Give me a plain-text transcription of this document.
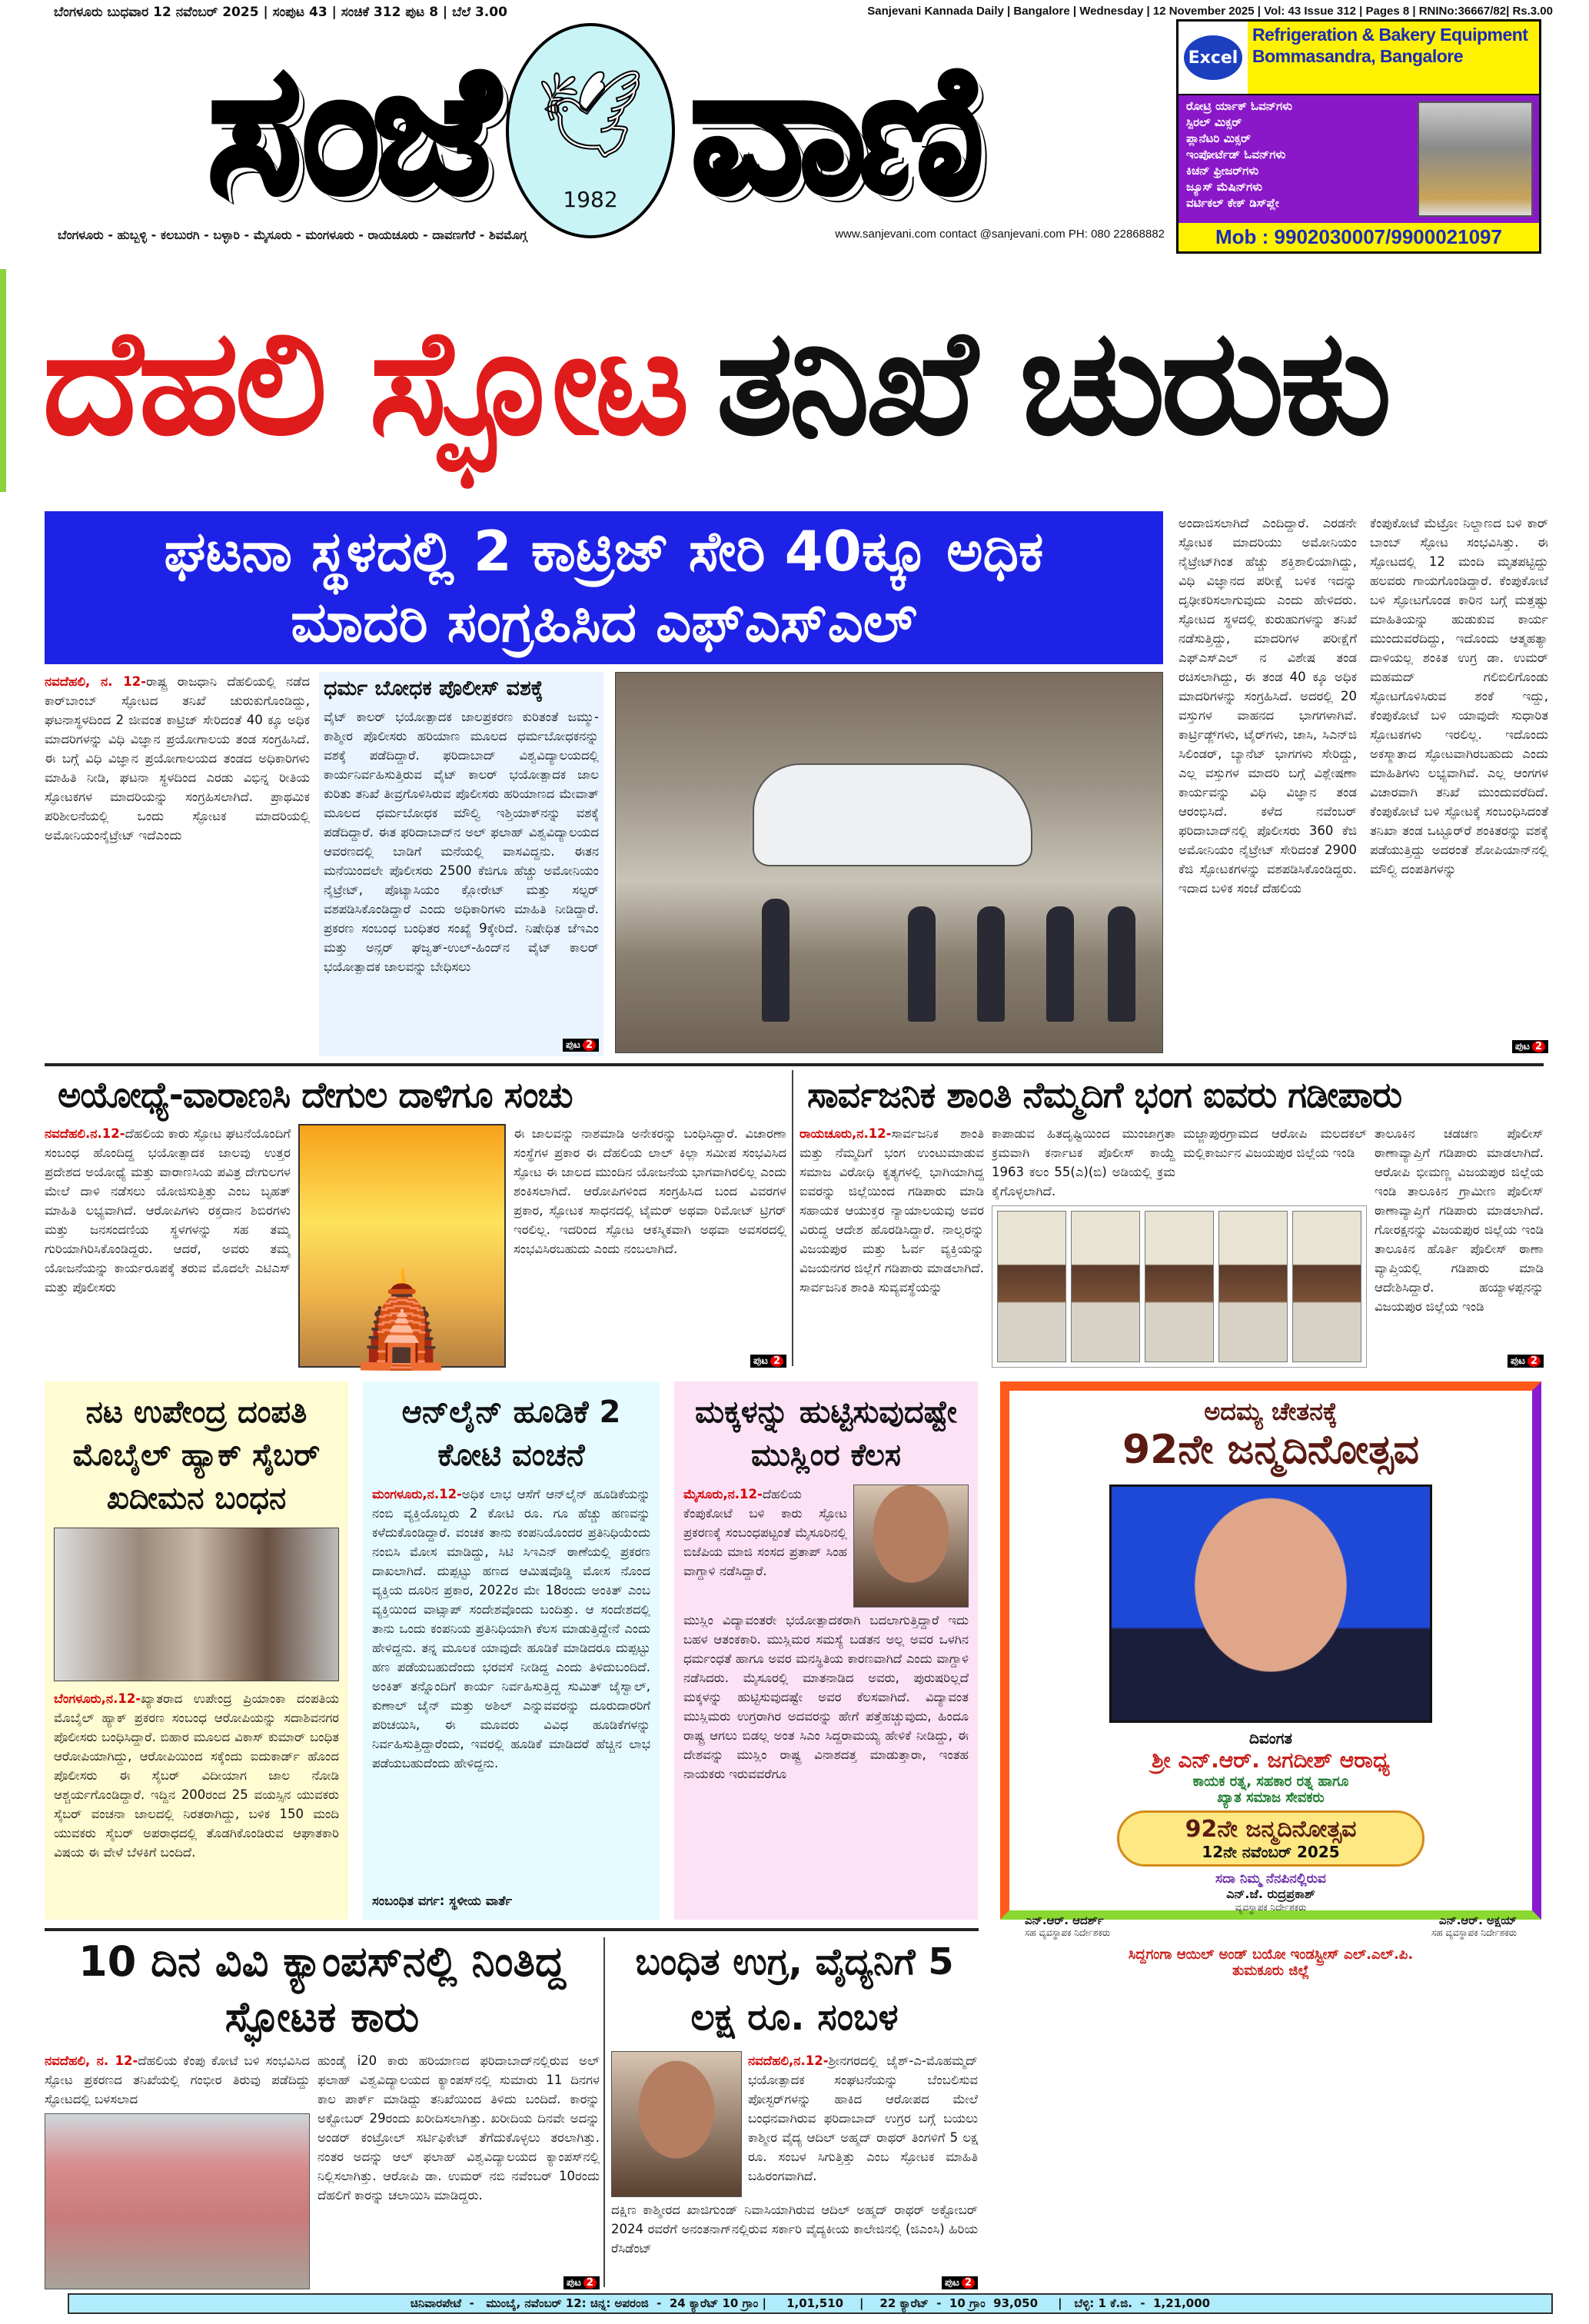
ಬೆಂಗಳೂರು ಬುಧವಾರ 12 ನವೆಂಬರ್ 2025 | ಸಂಪುಟ 43 | ಸಂಚಿಕೆ 312 ಪುಟ 8 | ಬೆಲೆ 3.00	Sanjevani Kannada Daily | Bangalore | Wednesday | 12 November 2025 | Vol: 43 Issue 312 | Pages 8 | RNINo:36667/82| Rs.3.00
ಸಂಜೆ 🕊
1982 ವಾಣಿ
ಬೆಂಗಳೂರು - ಹುಬ್ಬಳ್ಳಿ - ಕಲಬುರಗಿ - ಬಳ್ಳಾರಿ - ಮೈಸೂರು - ಮಂಗಳೂರು - ರಾಯಚೂರು - ದಾವಣಗೆರೆ - ಶಿವಮೊಗ್ಗ	www.sanjevani.com contact @sanjevani.com PH: 080 22868882
Excel
Refrigeration & Bakery Equipment Bommasandra, Bangalore
ರೋಟ್ರಿ ರ್ಯಾಕ್ ಓವನ್‌ಗಳು
ಸ್ಪಿರಲ್ ಮಿಕ್ಸರ್
ಪ್ಲಾನೆಟರಿ ಮಿಕ್ಸರ್
ಇಂಪೋರ್ಟೆಡ್ ಓವನ್‌ಗಳು
ಕಿಚನ್ ಫ್ರೀಜರ್‌ಗಳು
ಜ್ಯೂಸ್ ಮೆಷಿನ್‌ಗಳು
ವರ್ಟಿಕಲ್ ಕೇಕ್ ಡಿಸ್‌ಪ್ಲೇ
Mob : 9902030007/9900021097
ದೆಹಲಿ ಸ್ಫೋಟ ತನಿಖೆ ಚುರುಕು
ಘಟನಾ ಸ್ಥಳದಲ್ಲಿ 2 ಕಾಟ್ರಿಜ್ ಸೇರಿ 40ಕ್ಕೂ ಅಧಿಕ
ಮಾದರಿ ಸಂಗ್ರಹಿಸಿದ ಎಫ್‌ಎಸ್‌ಎಲ್
ನವದೆಹಲಿ, ನ. 12-ರಾಷ್ಟ್ರ ರಾಜಧಾನಿ ದೆಹಲಿಯಲ್ಲಿ ನಡೆದ ಕಾರ್‌ಬಾಂಬ್ ಸ್ಫೋಟದ ತನಿಖೆ ಚುರುಕುಗೊಂಡಿದ್ದು, ಘಟನಾಸ್ಥಳದಿಂದ 2 ಜೀವಂತ ಕಾಟ್ರಿಜ್ ಸೇರಿದಂತೆ 40 ಕ್ಕೂ ಅಧಿಕ ಮಾದರಿಗಳನ್ನು ವಿಧಿ ವಿಜ್ಞಾನ ಪ್ರಯೋಗಾಲಯ ತಂಡ ಸಂಗ್ರಹಿಸಿದೆ. ಈ ಬಗ್ಗೆ ವಿಧಿ ವಿಜ್ಞಾನ ಪ್ರಯೋಗಾಲಯದ ತಂಡದ ಅಧಿಕಾರಿಗಳು ಮಾಹಿತಿ ನೀಡಿ, ಘಟನಾ ಸ್ಥಳದಿಂದ ಎರಡು ವಿಭಿನ್ನ ರೀತಿಯ ಸ್ಫೋಟಕಗಳ ಮಾದರಿಯನ್ನು ಸಂಗ್ರಹಿಸಲಾಗಿದೆ. ಪ್ರಾಥಮಿಕ ಪರಿಶೀಲನೆಯಲ್ಲಿ ಒಂದು ಸ್ಫೋಟಕ ಮಾದರಿಯಲ್ಲಿ ಅಮೋನಿಯಂನೈಟ್ರೇಟ್ ಇದೆಎಂದು
ಧರ್ಮ ಬೋಧಕ ಪೊಲೀಸ್ ವಶಕ್ಕೆ
ವೈಟ್ ಕಾಲರ್ ಭಯೋತ್ಪಾದಕ ಜಾಲಪ್ರಕರಣ ಕುರಿತಂತೆ ಜಮ್ಮು-ಕಾಶ್ಮೀರ ಪೊಲೀಸರು ಹರಿಯಾಣ ಮೂಲದ ಧರ್ಮಬೋಧಕನನ್ನು ವಶಕ್ಕೆ ಪಡೆದಿದ್ದಾರೆ. ಫರಿದಾಬಾದ್ ವಿಶ್ವವಿದ್ಯಾಲಯದಲ್ಲಿ ಕಾರ್ಯನಿರ್ವಹಿಸುತ್ತಿರುವ ವೈಟ್ ಕಾಲರ್ ಭಯೋತ್ಪಾದಕ ಜಾಲ ಕುರಿತು ತನಿಖೆ ತೀವ್ರಗೊಳಿಸಿರುವ ಪೊಲೀಸರು ಹರಿಯಾಣದ ಮೇವಾತ್ ಮೂಲದ ಧರ್ಮಬೋಧಕ ಮೌಲ್ವಿ ಇಶ್ತಿಯಾಕ್‌ನನ್ನು ವಶಕ್ಕೆ ಪಡೆದಿದ್ದಾರೆ. ಈತ ಫರಿದಾಬಾದ್‌ನ ಅಲ್ ಫಲಾಹ್ ವಿಶ್ವವಿದ್ಯಾಲಯದ ಆವರಣದಲ್ಲಿ ಬಾಡಿಗೆ ಮನೆಯಲ್ಲಿ ವಾಸವಿದ್ದನು. ಈತನ ಮನೆಯಿಂದಲೇ ಪೊಲೀಸರು 2500 ಕೆಜಿಗೂ ಹೆಚ್ಚು ಅಮೋನಿಯಂ ನೈಟ್ರೇಟ್, ಪೊಟ್ಯಾಸಿಯಂ ಕ್ಲೋರೇಟ್ ಮತ್ತು ಸಲ್ಫರ್ ವಶಪಡಿಸಿಕೊಂಡಿದ್ದಾರೆ ಎಂದು ಅಧಿಕಾರಿಗಳು ಮಾಹಿತಿ ನೀಡಿದ್ದಾರೆ. ಪ್ರಕರಣ ಸಂಬಂಧ ಬಂಧಿತರ ಸಂಖ್ಯೆ 9ಕ್ಕೇರಿದೆ. ನಿಷೇಧಿತ ಜೆಇಎಂ ಮತ್ತು ಅನ್ಸರ್ ಘಜ್ವತ್-ಉಲ್-ಹಿಂದ್‌ನ ವೈಟ್ ಕಾಲರ್ ಭಯೋತ್ಪಾದಕ ಜಾಲವನ್ನು ಬೇಧಿಸಲು
ಪುಟ 2
ಅಂದಾಜಿಸಲಾಗಿದೆ ಎಂದಿದ್ದಾರೆ. ಎರಡನೇ ಸ್ಫೋಟಕ ಮಾದರಿಯು ಅಮೋನಿಯಂ ನೈಟ್ರೇಟ್‌ಗಿಂತ ಹೆಚ್ಚು ಶಕ್ತಿಶಾಲಿಯಾಗಿದ್ದು, ವಿಧಿ ವಿಜ್ಞಾನದ ಪರೀಕ್ಷೆ ಬಳಿಕ ಇದನ್ನು ದೃಢೀಕರಿಸಲಾಗುವುದು ಎಂದು ಹೇಳಿದರು. ಸ್ಫೋಟದ ಸ್ಥಳದಲ್ಲಿ ಕುರುಹುಗಳನ್ನು ತನಿಖೆ ನಡೆಸುತ್ತಿದ್ದು, ಮಾದರಿಗಳ ಪರೀಕ್ಷೆಗೆ ಎಫ್‌ಎಸ್‌ಎಲ್ ನ ವಿಶೇಷ ತಂಡ ರಚಿಸಲಾಗಿದ್ದು, ಈ ತಂಡ 40 ಕ್ಕೂ ಅಧಿಕ ಮಾದರಿಗಳನ್ನು ಸಂಗ್ರಹಿಸಿದೆ. ಅದರಲ್ಲಿ 20 ವಸ್ತುಗಳ ವಾಹನದ ಭಾಗಗಳಾಗಿವೆ. ಕಾರ್ಟ್ರಿಡ್ಜ್‌ಗಳು, ಟೈರ್‌ಗಳು, ಚಾಸಿ, ಸಿಎನ್‌ಜಿ ಸಿಲಿಂಡರ್, ಬ್ಯಾನೆಟ್ ಭಾಗಗಳು ಸೇರಿದ್ದು, ಎಲ್ಲ ವಸ್ತುಗಳ ಮಾದರಿ ಬಗ್ಗೆ ವಿಶ್ಲೇಷಣಾ ಕಾರ್ಯವನ್ನು ವಿಧಿ ವಿಜ್ಞಾನ ತಂಡ ಆರಂಭಿಸಿದೆ. ಕಳೆದ ನವೆಂಬರ್ ಫರಿದಾಬಾದ್‌ನಲ್ಲಿ ಪೊಲೀಸರು 360 ಕೆಜಿ ಅಮೋನಿಯಂ ನೈಟ್ರೇಟ್ ಸೇರಿದಂತೆ 2900 ಕೆಜಿ ಸ್ಫೋಟಕಗಳನ್ನು ವಶಪಡಿಸಿಕೊಂಡಿದ್ದರು. ಇದಾದ ಬಳಿಕ ಸಂಜೆ ದೆಹಲಿಯ
ಕೆಂಪುಕೋಟೆ ಮೆಟ್ರೋ ನಿಲ್ದಾಣದ ಬಳಿ ಕಾರ್ ಬಾಂಬ್ ಸ್ಫೋಟ ಸಂಭವಿಸಿತ್ತು. ಈ ಸ್ಫೋಟದಲ್ಲಿ 12 ಮಂದಿ ಮೃತಪಟ್ಟಿದ್ದು ಹಲವರು ಗಾಯಗೊಂಡಿದ್ದಾರೆ. ಕೆಂಪುಕೋಟೆ ಬಳಿ ಸ್ಫೋಟಗೊಂಡ ಕಾರಿನ ಬಗ್ಗೆ ಮತ್ತಷ್ಟು ಮಾಹಿತಿಯನ್ನು ಹುಡುಕುವ ಕಾರ್ಯ ಮುಂದುವರೆದಿದ್ದು, ಇದೊಂದು ಆತ್ಮಹತ್ಯಾ ದಾಳಿಯಲ್ಲ ಶಂಕಿತ ಉಗ್ರ ಡಾ. ಉಮರ್ ಮಹಮದ್ ಗಲಿಬಿಲಿಗೊಂಡು ಸ್ಫೋಟಗೊಳಿಸಿರುವ ಶಂಕೆ ಇದ್ದು, ಕೆಂಪುಕೋಟೆ ಬಳಿ ಯಾವುದೇ ಸುಧಾರಿತ ಸ್ಫೋಟಕಗಳು ಇರಲಿಲ್ಲ. ಇದೊಂದು ಅಕಸ್ಮಾತಾದ ಸ್ಫೋಟವಾಗಿರಬಹುದು ಎಂದು ಮಾಹಿತಿಗಳು ಲಭ್ಯವಾಗಿವೆ. ಎಲ್ಲ ಆಂಗಗಳ ವಿಚಾರವಾಗಿ ತನಿಖೆ ಮುಂದುವರೆದಿದೆ. ಕೆಂಪುಕೋಟೆ ಬಳಿ ಸ್ಫೋಟಕ್ಕೆ ಸಂಬಂಧಿಸಿದಂತೆ ತನಿಖಾ ತಂಡ ಒಟ್ಟೂರ್‌ರೆ ಶಂಕಿತರನ್ನು ವಶಕ್ಕೆ ಪಡೆಯುತ್ತಿದ್ದು ಅದರಂತೆ ಶೋಪಿಯಾನ್‌ನಲ್ಲಿ ಮೌಲ್ವಿ ದಂಪತಿಗಳನ್ನು
ಪುಟ 2
ಅಯೋಧ್ಯೆ-ವಾರಾಣಸಿ ದೇಗುಲ ದಾಳಿಗೂ ಸಂಚು
ನವದೆಹಲಿ.ನ.12-ದೆಹಲಿಯ ಕಾರು ಸ್ಫೋಟ ಘಟನೆಯೊಂದಿಗೆ ಸಂಬಂಧ ಹೊಂದಿದ್ದ ಭಯೋತ್ಪಾದಕ ಜಾಲವು ಉತ್ತರ ಪ್ರದೇಶದ ಅಯೋಧ್ಯೆ ಮತ್ತು ವಾರಾಣಸಿಯ ಪವಿತ್ರ ದೇಗುಲಗಳ ಮೇಲೆ ದಾಳಿ ನಡೆಸಲು ಯೋಜಿಸುತ್ತಿತ್ತು ಎಂಬ ಬೃಹತ್ ಮಾಹಿತಿ ಲಭ್ಯವಾಗಿದೆ. ಆರೋಪಿಗಳು ರಕ್ತದಾನ ಶಿಬಿರಗಳು ಮತ್ತು ಜನಸಂದಣಿಯ ಸ್ಥಳಗಳನ್ನು ಸಹ ತಮ್ಮ ಗುರಿಯಾಗಿರಿಸಿಕೊಂಡಿದ್ದರು. ಆದರೆ, ಅವರು ತಮ್ಮ ಯೋಜನೆಯನ್ನು ಕಾರ್ಯರೂಪಕ್ಕೆ ತರುವ ಮೊದಲೇ ಎಟಿಎಸ್ ಮತ್ತು ಪೊಲೀಸರು	🛕
ಈ ಜಾಲವನ್ನು ನಾಶಮಾಡಿ ಅನೇಕರನ್ನು ಬಂಧಿಸಿದ್ದಾರೆ. ವಿಚಾರಣಾ ಸಂಸ್ಥೆಗಳ ಪ್ರಕಾರ ಈ ದೆಹಲಿಯ ಲಾಲ್ ಕಿಲ್ಲಾ ಸಮೀಪ ಸಂಭವಿಸಿದ ಸ್ಫೋಟ ಈ ಜಾಲದ ಮುಂದಿನ ಯೋಜನೆಯ ಭಾಗವಾಗಿರಲಿಲ್ಲ ಎಂದು ಶಂಕಿಸಲಾಗಿದೆ. ಆರೋಪಿಗಳಿಂದ ಸಂಗ್ರಹಿಸಿದ ಬಂದ ವಿವರಗಳ ಪ್ರಕಾರ, ಸ್ಫೋಟಕ ಸಾಧನದಲ್ಲಿ ಟೈಮರ್ ಅಥವಾ ರಿಮೋಟ್ ಟ್ರಿಗರ್ ಇರಲಿಲ್ಲ. ಇದರಿಂದ ಸ್ಫೋಟ ಆಕಸ್ಮಿಕವಾಗಿ ಅಥವಾ ಅವಸರದಲ್ಲಿ ಸಂಭವಿಸಿರಬಹುದು ಎಂದು ನಂಬಲಾಗಿದೆ.
ಪುಟ 2
ಸಾರ್ವಜನಿಕ ಶಾಂತಿ ನೆಮ್ಮದಿಗೆ ಭಂಗ ಐವರು ಗಡೀಪಾರು
ರಾಯಚೂರು,ನ.12-ಸಾರ್ವಜನಿಕ ಶಾಂತಿ ಮತ್ತು ನೆಮ್ಮದಿಗೆ ಭಂಗ ಉಂಟುಮಾಡುವ ಸಮಾಜ ವಿರೋಧಿ ಕೃತ್ಯಗಳಲ್ಲಿ ಭಾಗಿಯಾಗಿದ್ದ ಐವರನ್ನು ಜಿಲ್ಲೆಯಿಂದ ಗಡಿಪಾರು ಮಾಡಿ ಸಹಾಯಕ ಆಯುಕ್ತರ ನ್ಯಾಯಾಲಯವು ಅವರ ವಿರುದ್ಧ ಆದೇಶ ಹೊರಡಿಸಿದ್ದಾರೆ. ನಾಲ್ವರನ್ನು ವಿಜಯಪುರ ಮತ್ತು ಓರ್ವ ವ್ಯಕ್ತಿಯನ್ನು ವಿಜಯನಗರ ಜಿಲ್ಲೆಗೆ ಗಡಿಪಾರು ಮಾಡಲಾಗಿದೆ. ಸಾರ್ವಜನಿಕ ಶಾಂತಿ ಸುವ್ಯವಸ್ಥೆಯನ್ನು
ಕಾಪಾಡುವ ಹಿತದೃಷ್ಟಿಯಿಂದ ಮುಂಜಾಗ್ರತಾ ಕ್ರಮವಾಗಿ ಕರ್ನಾಟಕ ಪೊಲೀಸ್ ಕಾಯ್ದೆ 1963 ಕಲಂ 55(ಎ)(ಬಿ) ಅಡಿಯಲ್ಲಿ ಕ್ರಮ ಕೈಗೊಳ್ಳಲಾಗಿದೆ.
ಮಜ್ಜಾಪುರಗ್ರಾಮದ ಆರೋಪಿ ಮಲದಕಲ್ ಮಲ್ಲಿಕಾರ್ಜುನ ವಿಜಯಪುರ ಜಿಲ್ಲೆಯ ಇಂಡಿ
ತಾಲೂಕಿನ ಚಡಚಣ ಪೊಲೀಸ್ ಠಾಣಾವ್ಯಾಪ್ತಿಗೆ ಗಡಿಪಾರು ಮಾಡಲಾಗಿದೆ. ಆರೋಪಿ ಭೀಮಣ್ಣ ವಿಜಯಪುರ ಜಿಲ್ಲೆಯ ಇಂಡಿ ತಾಲೂಕಿನ ಗ್ರಾಮೀಣ ಪೊಲೀಸ್ ಠಾಣಾವ್ಯಾಪ್ತಿಗೆ ಗಡಿಪಾರು ಮಾಡಲಾಗಿದೆ. ಗೋರಕ್ಷನನ್ನು ವಿಜಯಪುರ ಜಿಲ್ಲೆಯ ಇಂಡಿ ತಾಲೂಕಿನ ಹೊರ್ತಿ ಪೊಲೀಸ್ ಠಾಣಾ ವ್ಯಾಪ್ತಿಯಲ್ಲಿ ಗಡಿಪಾರು ಮಾಡಿ ಆದೇಶಿಸಿದ್ದಾರೆ. ಹಯ್ಯಾಳಪ್ಪನನ್ನು ವಿಜಯಪುರ ಜಿಲ್ಲೆಯ ಇಂಡಿ
ಪುಟ 2
ನಟ ಉಪೇಂದ್ರ ದಂಪತಿ ಮೊಬೈಲ್ ಹ್ಯಾಕ್ ಸೈಬರ್ ಖದೀಮನ ಬಂಧನ
ಬೆಂಗಳೂರು,ನ.12-ಖ್ಯಾತರಾದ ಉಪೇಂದ್ರ ಪ್ರಿಯಾಂಕಾ ದಂಪತಿಯ ಮೊಬೈಲ್ ಹ್ಯಾಕ್ ಪ್ರಕರಣ ಸಂಬಂಧ ಆರೋಪಿಯನ್ನು ಸದಾಶಿವನಗರ ಪೊಲೀಸರು ಬಂಧಿಸಿದ್ದಾರೆ. ಬಿಹಾರ ಮೂಲದ ವಿಕಾಸ್ ಕುಮಾರ್ ಬಂಧಿತ ಆರೋಪಿಯಾಗಿದ್ದು, ಆರೋಪಿಯಿಂದ ಸಕ್ಕೆಂದು ಐದುಕಾರ್ಡ್ ಹೊಂದ ಪೊಲೀಸರು ಈ ಸೈಬರ್ ವಿದೀಯಾಗ ಜಾಲ ನೋಡಿ ಆಶ್ಚರ್ಯಗೊಂಡಿದ್ದಾರೆ. ಇದ್ದಿನ 200ರಂದ 25 ವಯಸ್ಸಿನ ಯುವಕರು ಸೈಬರ್ ವಂಚನಾ ಜಾಲದಲ್ಲಿ ನಿರತರಾಗಿದ್ದು, ಬಳಿಕ 150 ಮಂದಿ ಯುವಕರು ಸೈಬರ್ ಅಪರಾಧದಲ್ಲಿ ತೊಡಗಿಕೊಂಡಿರುವ ಆಘಾತಕಾರಿ ವಿಷಯ ಈ ವೇಳೆ ಬೆಳಕಿಗೆ ಬಂದಿದೆ.
ಆನ್‌ಲೈನ್ ಹೂಡಿಕೆ 2 ಕೋಟಿ ವಂಚನೆ
ಮಂಗಳೂರು,ನ.12-ಅಧಿಕ ಲಾಭ ಆಸೆಗೆ ಆನ್‌ಲೈನ್ ಹೂಡಿಕೆಯನ್ನು ನಂಬಿ ವ್ಯಕ್ತಿಯೊಬ್ಬರು 2 ಕೋಟಿ ರೂ. ಗೂ ಹೆಚ್ಚು ಹಣವನ್ನು ಕಳೆದುಕೊಂಡಿದ್ದಾರೆ. ವಂಚಕ ತಾನು ಕಂಪನಿಯೊಂದರ ಪ್ರತಿನಿಧಿಯೆಂದು ನಂಬಿಸಿ ಮೋಸ ಮಾಡಿದ್ದು, ಸಿಟಿ ಸಿಇಎನ್ ಠಾಣೆಯಲ್ಲಿ ಪ್ರಕರಣ ದಾಖಲಾಗಿದೆ. ದುಪ್ಪಟ್ಟು ಹಣದ ಆಮಿಷವೊಡ್ಡಿ ಮೋಸ ನೊಂದ ವ್ಯಕ್ತಿಯ ದೂರಿನ ಪ್ರಕಾರ, 2022ರ ಮೇ 18ರಂದು ಅಂಕಿತ್ ಎಂಬ ವ್ಯಕ್ತಿಯಿಂದ ವಾಟ್ಸಾಪ್ ಸಂದೇಶವೊಂದು ಬಂದಿತ್ತು. ಆ ಸಂದೇಶದಲ್ಲಿ ತಾನು ಒಂದು ಕಂಪನಿಯ ಪ್ರತಿನಿಧಿಯಾಗಿ ಕೆಲಸ ಮಾಡುತ್ತಿದ್ದೇನೆ ಎಂದು ಹೇಳಿದ್ದನು. ತನ್ನ ಮೂಲಕ ಯಾವುದೇ ಹೂಡಿಕೆ ಮಾಡಿದರೂ ದುಪ್ಪಟ್ಟು ಹಣ ಪಡೆಯಬಹುದೆಂದು ಭರವಸೆ ನೀಡಿದ್ದ ಎಂದು ತಿಳಿದುಬಂದಿದೆ. ಅಂಕಿತ್ ತನ್ನೊಂದಿಗೆ ಕಾರ್ಯ ನಿರ್ವಹಿಸುತ್ತಿದ್ದ ಸುಮಿತ್ ಜೈಸ್ವಾಲ್, ಕುಣಾಲ್ ಜೈನ್ ಮತ್ತು ಅಶಿಲ್ ಎನ್ನುವವರನ್ನು ದೂರುದಾರರಿಗೆ ಪರಿಚಯಿಸಿ, ಈ ಮೂವರು ವಿವಿಧ ಹೂಡಿಕೆಗಳನ್ನು ನಿರ್ವಹಿಸುತ್ತಿದ್ದಾರೆಂದು, ಇವರಲ್ಲಿ ಹೂಡಿಕೆ ಮಾಡಿದರೆ ಹೆಚ್ಚಿನ ಲಾಭ ಪಡೆಯಬಹುದೆಂದು ಹೇಳಿದ್ದನು.
ಸಂಬಂಧಿತ ವರ್ಗ: ಸ್ಥಳೀಯ ವಾರ್ತೆ
ಮಕ್ಕಳನ್ನು ಹುಟ್ಟಿಸುವುದಷ್ಟೇ ಮುಸ್ಲಿಂರ ಕೆಲಸ
ಮೈಸೂರು,ನ.12-ದೆಹಲಿಯ ಕೆಂಪುಕೋಟೆ ಬಳಿ ಕಾರು ಸ್ಫೋಟ ಪ್ರಕರಣಕ್ಕೆ ಸಂಬಂಧಪಟ್ಟಂತೆ ಮೈಸೂರಿನಲ್ಲಿ ಬಿಜೆಪಿಯ ಮಾಜಿ ಸಂಸದ ಪ್ರತಾಪ್ ಸಿಂಹ ವಾಗ್ದಾಳಿ ನಡೆಸಿದ್ದಾರೆ.
ಮುಸ್ಲಿಂ ವಿದ್ಯಾವಂತರೇ ಭಯೋತ್ಪಾದಕರಾಗಿ ಬದಲಾಗುತ್ತಿದ್ದಾರೆ ಇದು ಬಹಳ ಆತಂಕಕಾರಿ. ಮುಸ್ಲಿಮರ ಸಮಸ್ಯೆ ಬಡತನ ಅಲ್ಲ ಅವರ ಒಳಗಿನ ಧರ್ಮಂಧತೆ ಹಾಗೂ ಅವರ ಮನಸ್ಥಿತಿಯ ಕಾರಣವಾಗಿದೆ ಎಂದು ವಾಗ್ದಾಳಿ ನಡೆಸಿದರು. ಮೈಸೂರಲ್ಲಿ ಮಾತನಾಡಿದ ಅವರು, ಪುರುಷರಿಲ್ಲದೆ ಮಕ್ಕಳನ್ನು ಹುಟ್ಟಿಸುವುದಷ್ಟೇ ಅವರ ಕೆಲಸವಾಗಿದೆ. ವಿದ್ಯಾವಂತ ಮುಸ್ಲಿಮರು ಉಗ್ರರಾಗಿರ ಅದವರನ್ನು ಹೇಗೆ ಪತ್ತೆಹಚ್ಚುವುದು, ಹಿಂದೂ ರಾಷ್ಟ್ರ ಆಗಲು ಬಿಡಲ್ಲ ಅಂತ ಸಿಎಂ ಸಿದ್ದರಾಮಯ್ಯ ಹೇಳಿಕೆ ನೀಡಿದ್ದು, ಈ ದೇಶವನ್ನು ಮುಸ್ಲಿಂ ರಾಷ್ಟ್ರ ವಿನಾಶದತ್ತ ಮಾಡುತ್ತಾರಾ, ಇಂತಹ ನಾಯಕರು ಇರುವವರೆಗೂ
ಅದಮ್ಯ ಚೇತನಕ್ಕೆ
92ನೇ ಜನ್ಮದಿನೋತ್ಸವ
ದಿವಂಗತ
ಶ್ರೀ ಎನ್.ಆರ್. ಜಗದೀಶ್ ಆರಾಧ್ಯ
ಕಾಯಕ ರತ್ನ, ಸಹಕಾರ ರತ್ನ ಹಾಗೂ
ಖ್ಯಾತ ಸಮಾಜ ಸೇವಕರು
92ನೇ ಜನ್ಮದಿನೋತ್ಸವ
12ನೇ ನವೆಂಬರ್ 2025
ಸದಾ ನಿಮ್ಮ ನೆನಪಿನಲ್ಲಿರುವ
ಎನ್.ಜೆ. ರುದ್ರಪ್ರಕಾಶ್
ವ್ಯವಸ್ಥಾಪಕ ನಿರ್ದೇಶಕರು
ಎನ್.ಆರ್. ಆದರ್ಶ್	ಎನ್.ಆರ್. ಅಕ್ಷಯ್
ಸಹ ವ್ಯವಸ್ಥಾಪಕ ನಿರ್ದೇಶಕರು	ಸಹ ವ್ಯವಸ್ಥಾಪಕ ನಿರ್ದೇಶಕರು
ಸಿದ್ದಗಂಗಾ ಆಯಿಲ್ ಅಂಡ್ ಬಯೋ ಇಂಡಸ್ಟ್ರೀಸ್ ಎಲ್.ಎಲ್.ಪಿ.
ತುಮಕೂರು ಜಿಲ್ಲೆ
10 ದಿನ ವಿವಿ ಕ್ಯಾಂಪಸ್‌ನಲ್ಲಿ ನಿಂತಿದ್ದ ಸ್ಫೋಟಕ ಕಾರು
ನವದೆಹಲಿ, ನ. 12-ದೆಹಲಿಯ ಕೆಂಪು ಕೋಟೆ ಬಳಿ ಸಂಭವಿಸಿದ ಸ್ಫೋಟ ಪ್ರಕರಣದ ತನಿಖೆಯಲ್ಲಿ ಗಂಭೀರ ತಿರುವು ಪಡೆದಿದ್ದು ಸ್ಫೋಟದಲ್ಲಿ ಬಳಸಲಾದ
ಹುಂಡೈ i20 ಕಾರು ಹರಿಯಾಣದ ಫರಿದಾಬಾದ್‌ನಲ್ಲಿರುವ ಅಲ್ ಫಲಾಹ್ ವಿಶ್ವವಿದ್ಯಾಲಯದ ಕ್ಯಾಂಪಸ್‌ನಲ್ಲಿ ಸುಮಾರು 11 ದಿನಗಳ ಕಾಲ ಪಾರ್ಕ್ ಮಾಡಿದ್ದು ತನಿಖೆಯಿಂದ ತಿಳಿದು ಬಂದಿದೆ. ಕಾರನ್ನು ಅಕ್ಟೋಬರ್ 29ರಂದು ಖರೀದಿಸಲಾಗಿತ್ತು. ಖರೀದಿಯ ದಿನವೇ ಅದನ್ನು ಅಂಡರ್ ಕಂಟ್ರೋಲ್ ಸರ್ಟಿಫಿಕೇಟ್ ತೆಗೆದುಕೊಳ್ಳಲು ತರಲಾಗಿತ್ತು. ನಂತರ ಅದನ್ನು ಆಲ್ ಫಲಾಹ್ ವಿಶ್ವವಿದ್ಯಾಲಯದ ಕ್ಯಾಂಪಸ್‌ನಲ್ಲಿ ನಿಲ್ಲಿಸಲಾಗಿತ್ತು. ಆರೋಪಿ ಡಾ. ಉಮರ್ ನಬಿ ನವೆಂಬರ್ 10ರಂದು ದೆಹಲಿಗೆ ಕಾರನ್ನು ಚಲಾಯಿಸಿ ಮಾಡಿದ್ದರು.
ಪುಟ 2
ಬಂಧಿತ ಉಗ್ರ, ವೈದ್ಯನಿಗೆ 5 ಲಕ್ಷ ರೂ. ಸಂಬಳ
ನವದೆಹಲಿ,ನ.12-ಶ್ರೀನಗರದಲ್ಲಿ ಜೈಶ್-ಎ-ಮೊಹಮ್ಮದ್ ಭಯೋತ್ಪಾದಕ ಸಂಘಟನೆಯನ್ನು ಬೆಂಬಲಿಸುವ ಪೋಸ್ಟರ್‌ಗಳನ್ನು ಹಾಕಿದ ಆರೋಪದ ಮೇಲೆ ಬಂಧನವಾಗಿರುವ ಫರಿದಾಬಾದ್ ಉಗ್ರರ ಬಗ್ಗೆ ಬಯಲು ಕಾಶ್ಮೀರ ವೈದ್ಯ ಆದಿಲ್ ಅಹ್ಮದ್ ರಾಥರ್ ತಿಂಗಳಿಗೆ 5 ಲಕ್ಷ ರೂ. ಸಂಬಳ ಸಿಗುತ್ತಿತ್ತು ಎಂಬ ಸ್ಫೋಟಕ ಮಾಹಿತಿ ಬಹಿರಂಗವಾಗಿದೆ.
ದಕ್ಷಿಣ ಕಾಶ್ಮೀರದ ಖಾಜಿಗುಂಡ್ ನಿವಾಸಿಯಾಗಿರುವ ಆದಿಲ್ ಅಹ್ಮದ್ ರಾಥರ್ ಅಕ್ಟೋಬರ್ 2024 ರವರೆಗೆ ಅನಂತನಾಗ್‌ನಲ್ಲಿರುವ ಸರ್ಕಾರಿ ವೈದ್ಯಕೀಯ ಕಾಲೇಜಿನಲ್ಲಿ (ಜಿಎಂಸಿ) ಹಿರಿಯ ರೆಸಿಡೆಂಟ್
ಪುಟ 2
ಚಿನಿವಾರಪೇಟೆ  -   ಮುಂಬೈ, ನವೆಂಬರ್ 12: ಚಿನ್ನ: ಅಪರಂಜಿ  -  24 ಕ್ಯಾರೆಟ್ 10 ಗ್ರಾಂ |     1,01,510    |    22 ಕ್ಯಾರೆಟ್  -  10 ಗ್ರಾಂ  93,050     |   ಬೆಳ್ಳಿ: 1 ಕೆ.ಜಿ.  -  1,21,000
